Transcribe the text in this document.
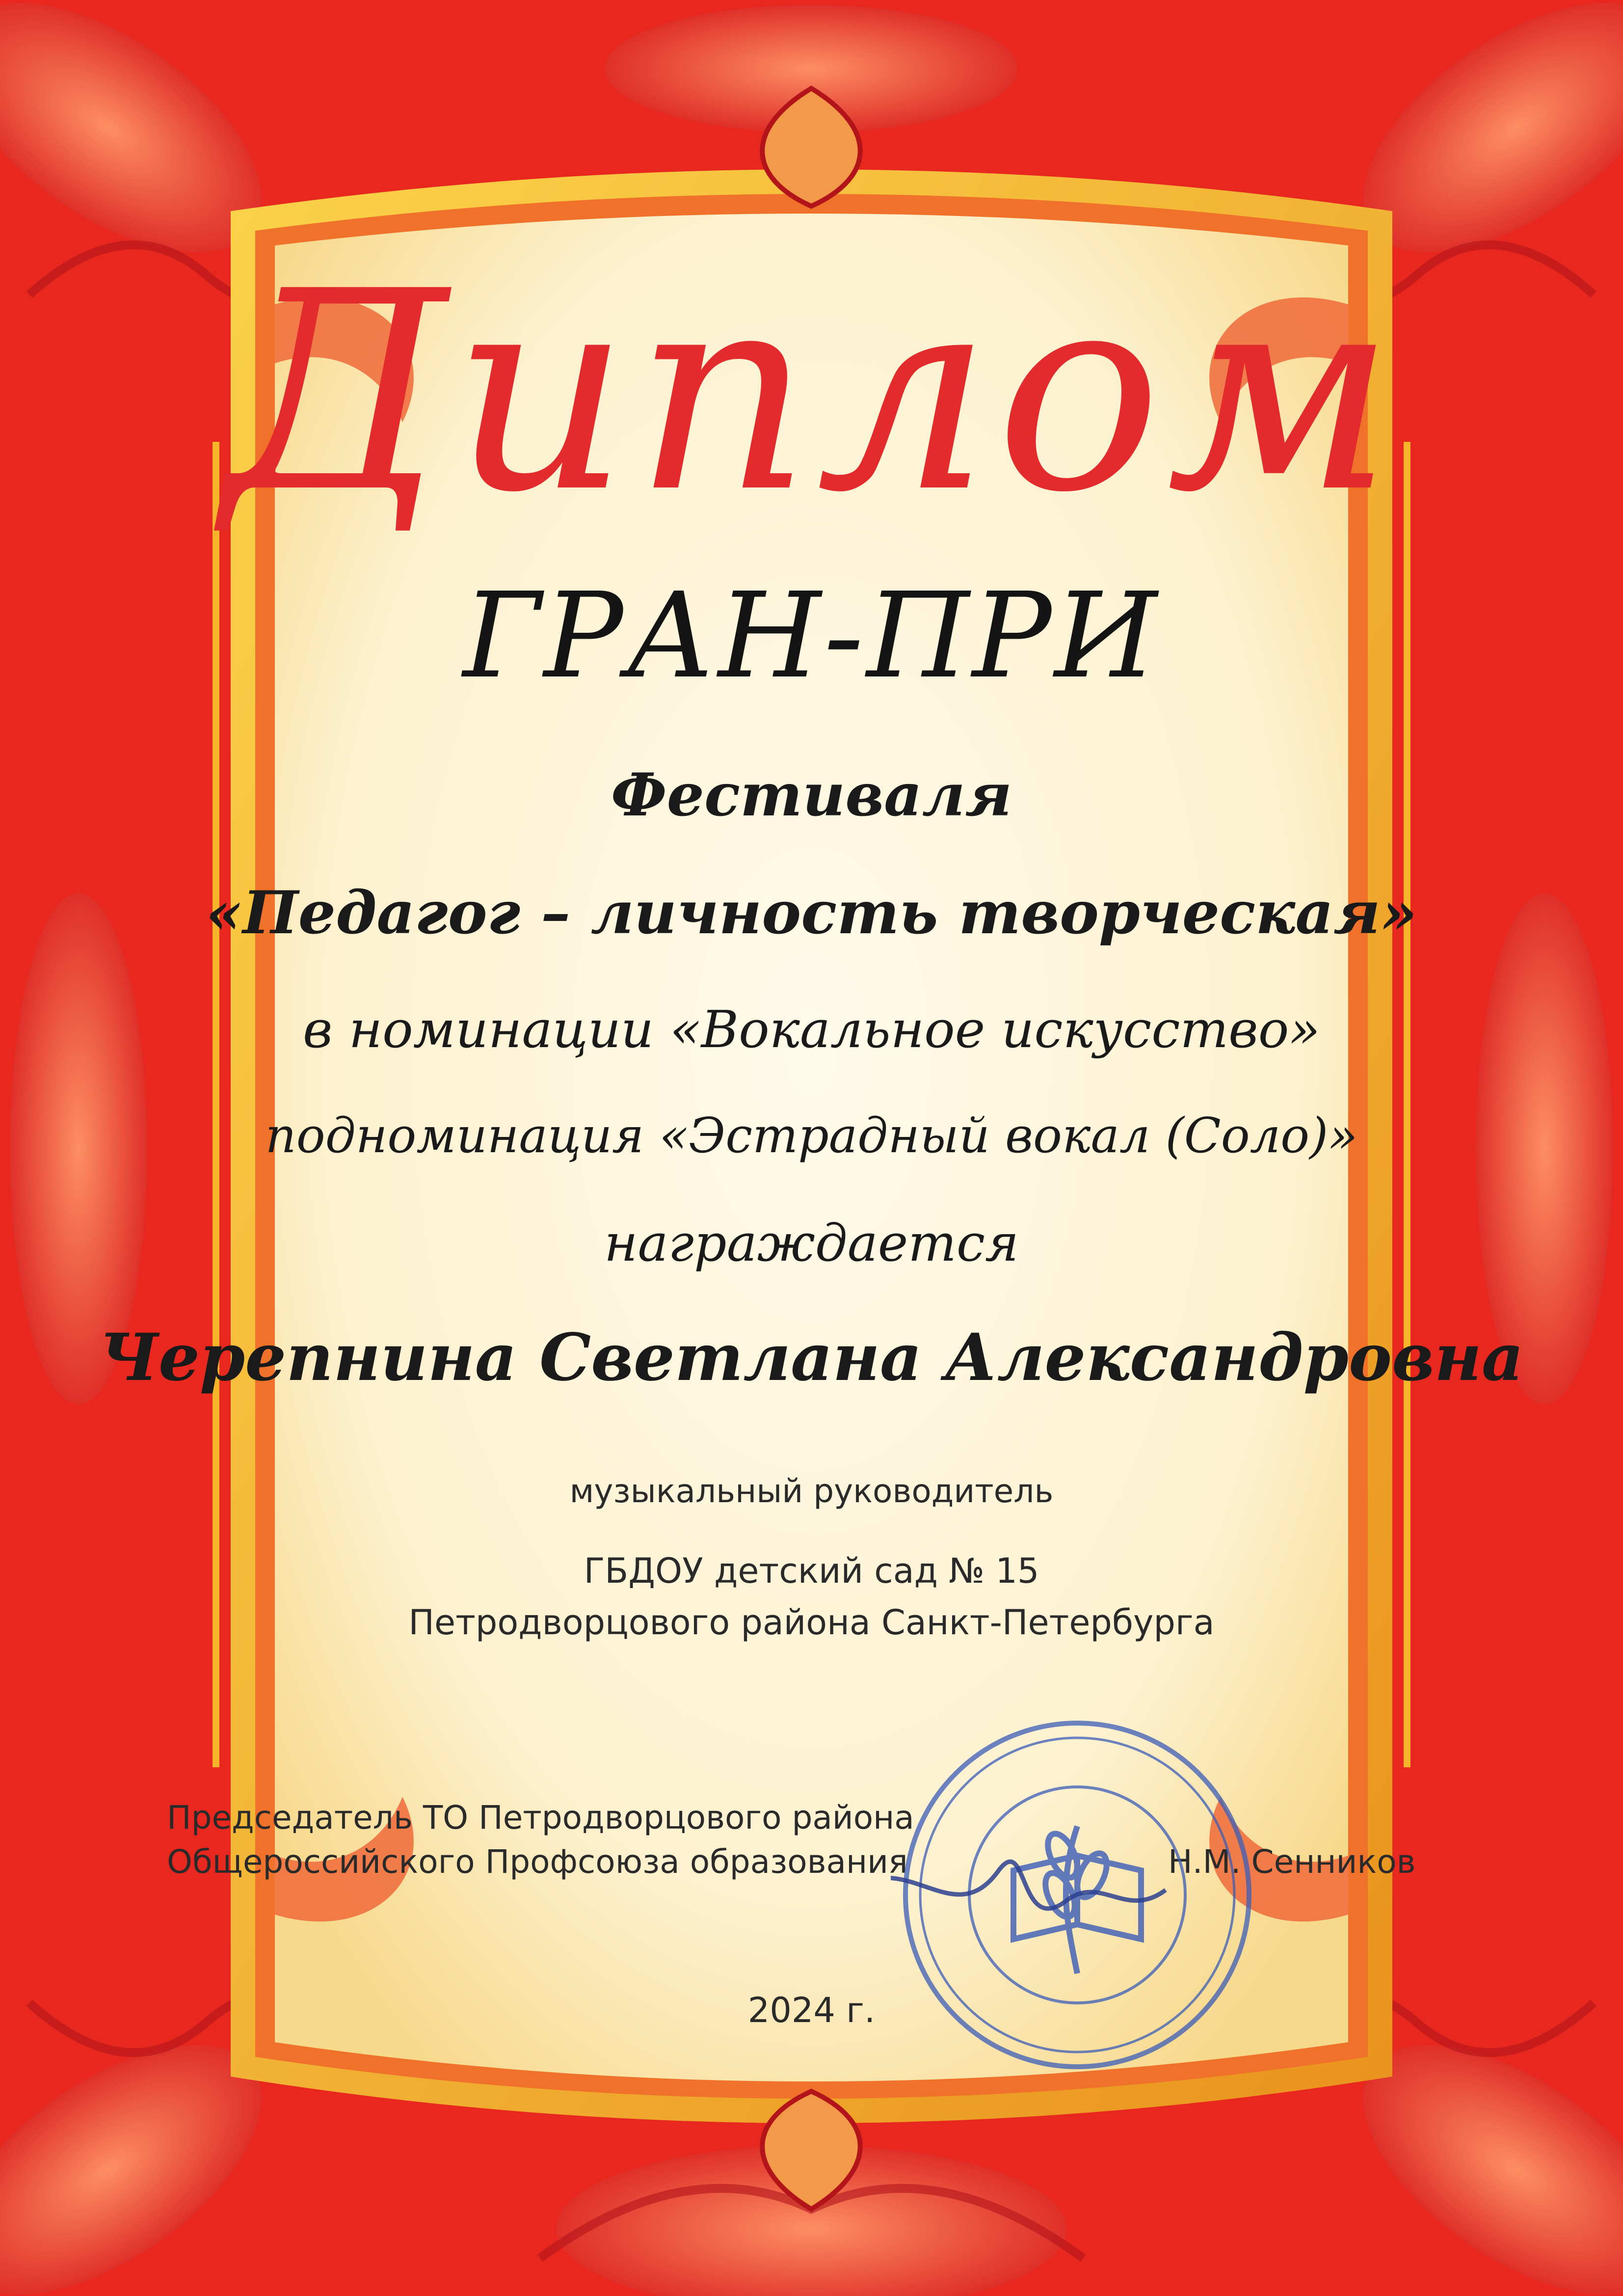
Диплом
ГРАН-ПРИ
Фестиваля
«Педагог – личность творческая»
в номинации «Вокальное искусство»
подноминация «Эстрадный вокал (Соло)»
награждается
Черепнина Светлана Александровна
музыкальный руководитель
ГБДОУ детский сад № 15
Петродворцового района Санкт-Петербурга
Председатель ТО Петродворцового района
Общероссийского Профсоюза образования	Н.М. Сенников
2024 г.
